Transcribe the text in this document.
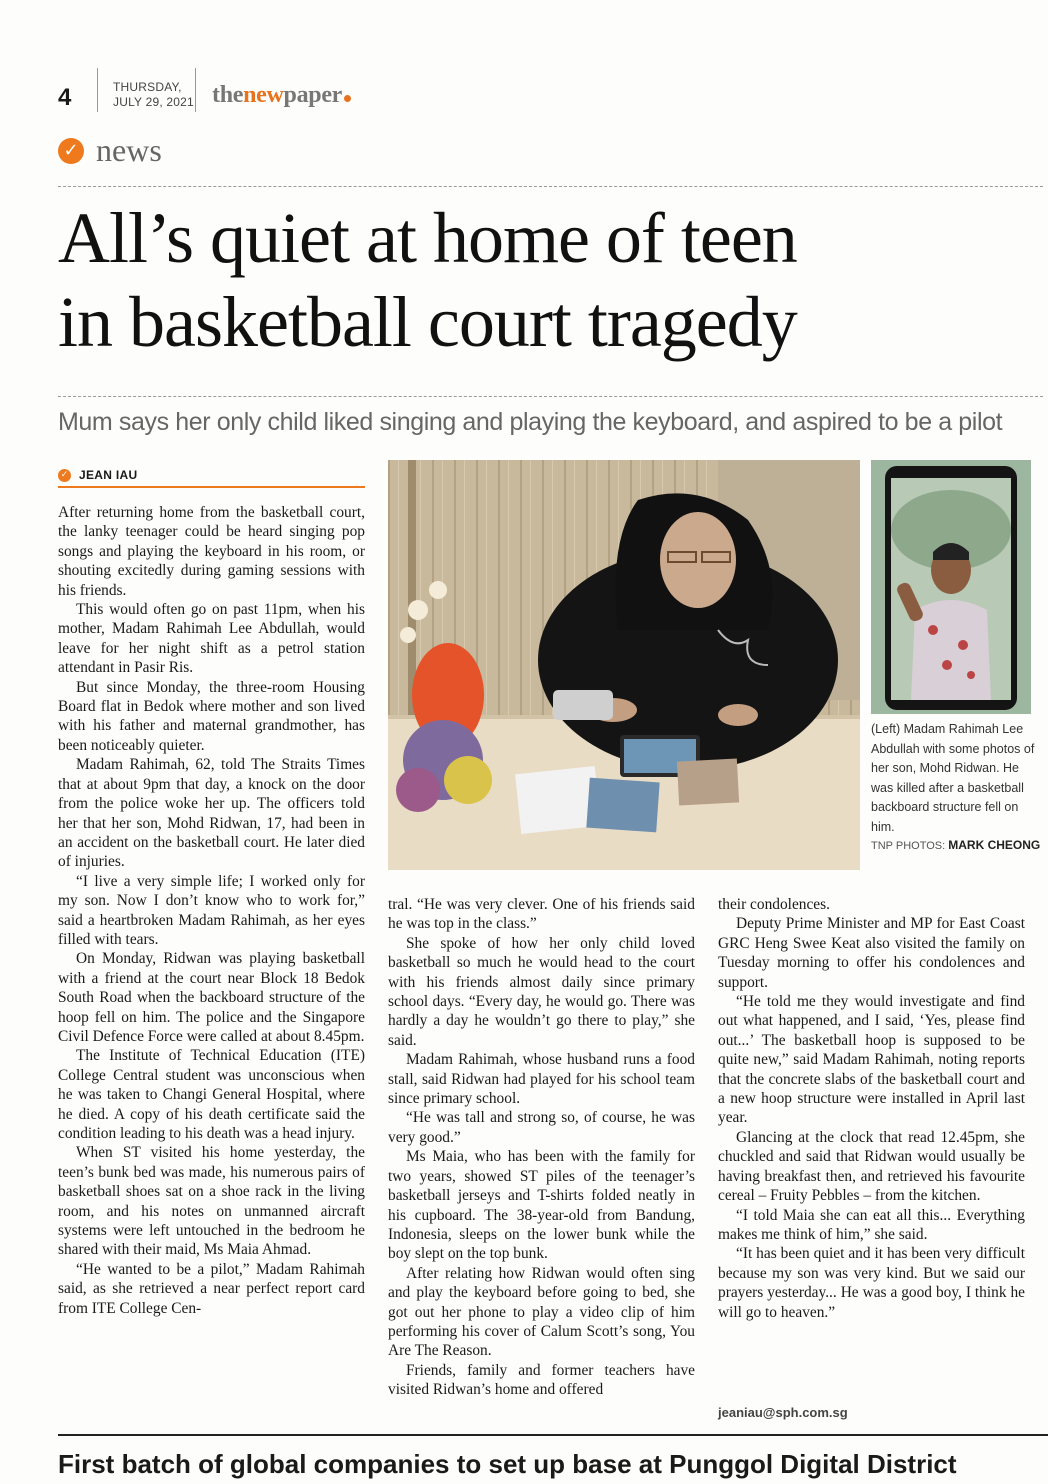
4	THURSDAY,
JULY 29, 2021 thenewpaper
✓ news
All’s quiet at home of teen
in basketball court tragedy
Mum says her only child liked singing and playing the keyboard, and aspired to be a pilot
✓ JEAN IAU

After returning home from the basketball court, the lanky teenager could be heard singing pop songs and playing the keyboard in his room, or shouting excitedly during gaming sessions with his friends.

This would often go on past 11pm, when his mother, Madam Rahimah Lee Abdullah, would leave for her night shift as a petrol station attendant in Pasir Ris.

But since Monday, the three-room Housing Board flat in Bedok where mother and son lived with his father and maternal grandmother, has been noticeably quieter.

Madam Rahimah, 62, told The Straits Times that at about 9pm that day, a knock on the door from the police woke her up. The officers told her that her son, Mohd Ridwan, 17, had been in an accident on the basketball court. He later died of injuries.

“I live a very simple life; I worked only for my son. Now I don’t know who to work for,” said a heartbroken Madam Rahimah, as her eyes filled with tears.

On Monday, Ridwan was playing basketball with a friend at the court near Block 18 Bedok South Road when the backboard structure of the hoop fell on him. The police and the Singapore Civil Defence Force were called at about 8.45pm.

The Institute of Technical Education (ITE) College Central student was unconscious when he was taken to Changi General Hospital, where he died. A copy of his death certificate said the condition leading to his death was a head injury.

When ST visited his home yesterday, the teen’s bunk bed was made, his numerous pairs of basketball shoes sat on a shoe rack in the living room, and his notes on unmanned aircraft systems were left untouched in the bedroom he shared with their maid, Ms Maia Ahmad.

“He wanted to be a pilot,” Madam Rahimah said, as she retrieved a near perfect report card from ITE College Cen-

tral. “He was very clever. One of his friends said he was top in the class.”

She spoke of how her only child loved basketball so much he would head to the court with his friends almost daily since primary school days. “Every day, he would go. There was hardly a day he wouldn’t go there to play,” she said.

Madam Rahimah, whose husband runs a food stall, said Ridwan had played for his school team since primary school.

“He was tall and strong so, of course, he was very good.”

Ms Maia, who has been with the family for two years, showed ST piles of the teenager’s basketball jerseys and T-shirts folded neatly in his cupboard. The 38-year-old from Bandung, Indonesia, sleeps on the lower bunk while the boy slept on the top bunk.

After relating how Ridwan would often sing and play the keyboard before going to bed, she got out her phone to play a video clip of him performing his cover of Calum Scott’s song, You Are The Reason.

Friends, family and former teachers have visited Ridwan’s home and offered

their condolences.

Deputy Prime Minister and MP for East Coast GRC Heng Swee Keat also visited the family on Tuesday morning to offer his condolences and support.

“He told me they would investigate and find out what happened, and I said, ‘Yes, please find out...’ The basketball hoop is supposed to be quite new,” said Madam Rahimah, noting reports that the concrete slabs of the basketball court and a new hoop structure were installed in April last year.

Glancing at the clock that read 12.45pm, she chuckled and said that Ridwan would usually be having breakfast then, and retrieved his favourite cereal – Fruity Pebbles – from the kitchen.

“I told Maia she can eat all this... Everything makes me think of him,” she said.

“It has been quiet and it has been very difficult because my son was very kind. But we said our prayers yesterday... He was a good boy, I think he will go to heaven.”

jeaniau@sph.com.sg
(Left) Madam Rahimah Lee Abdullah with some photos of her son, Mohd Ridwan. He was killed after a basketball backboard structure fell on him.
TNP PHOTOS: MARK CHEONG
First batch of global companies to set up base at Punggol Digital District
